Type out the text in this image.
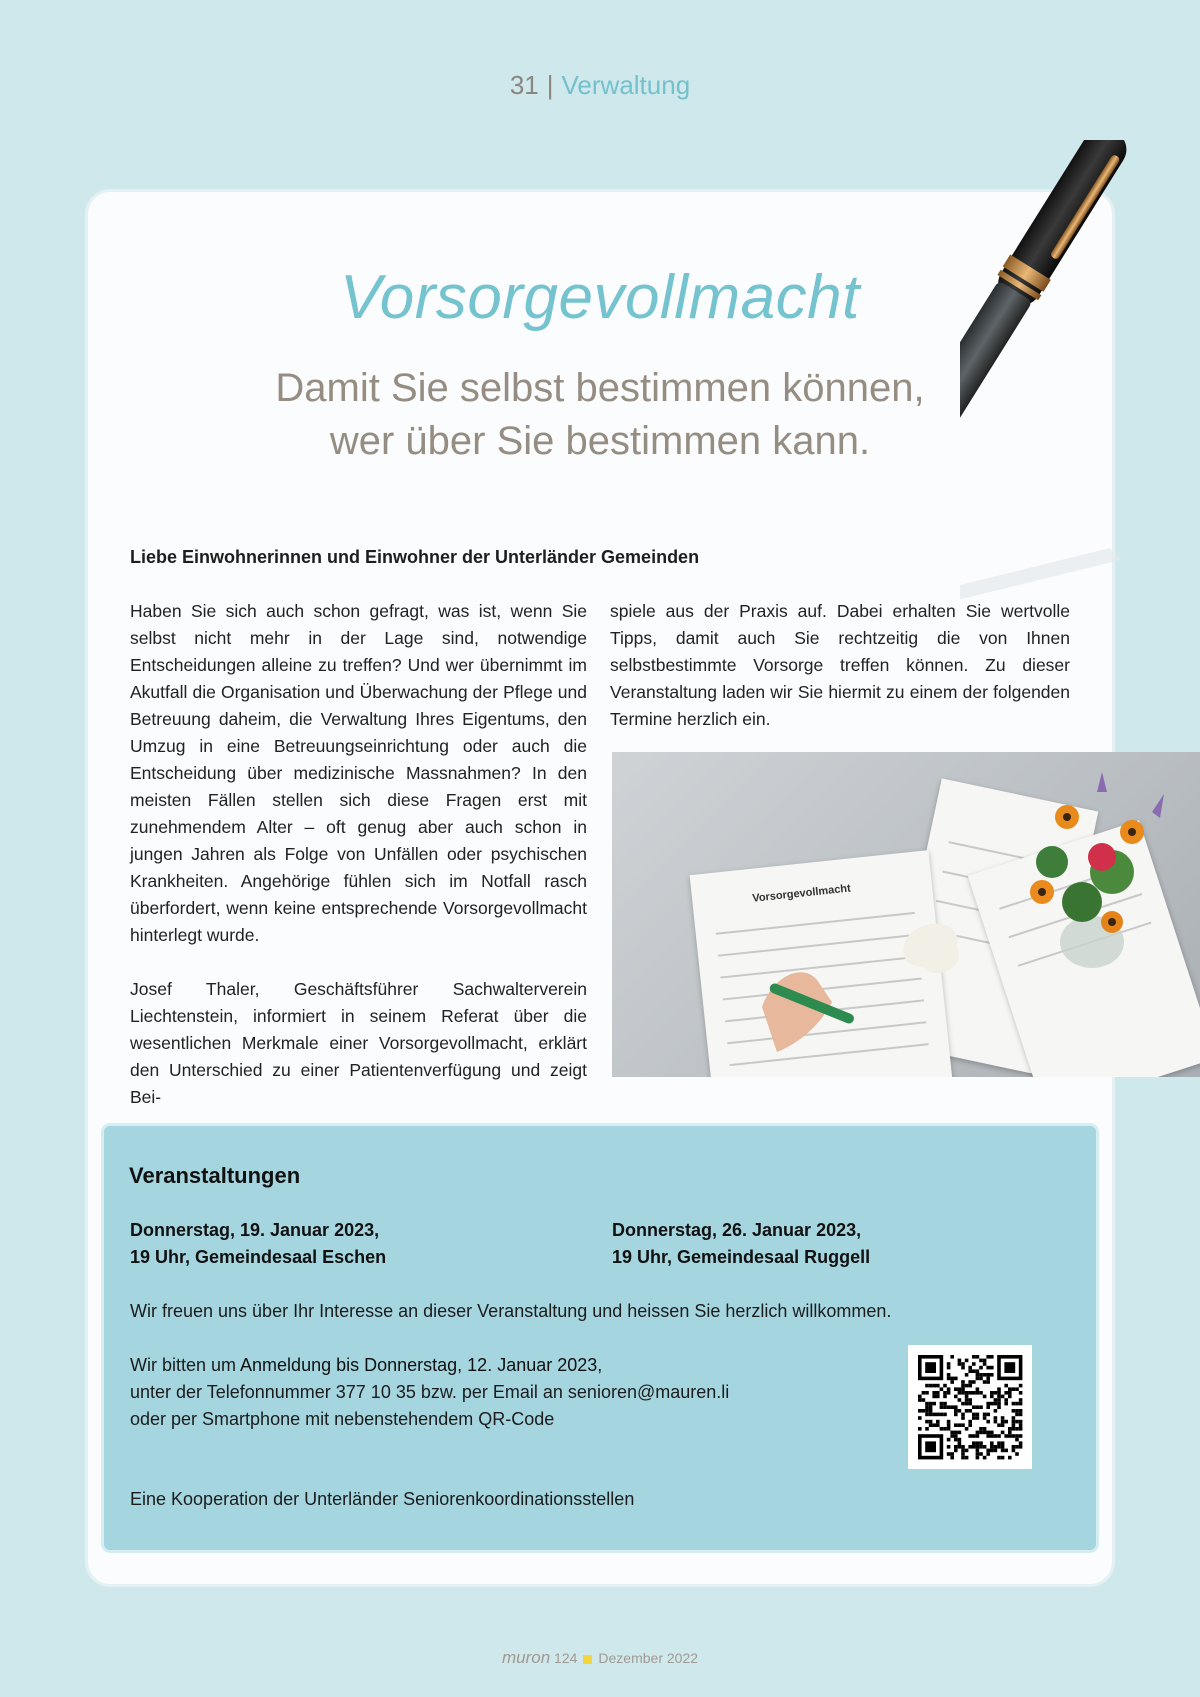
31 | Verwaltung
Vorsorgevollmacht
Damit Sie selbst bestimmen können,
wer über Sie bestimmen kann.
Liebe Einwohnerinnen und Einwohner der Unterländer Gemeinden

Haben Sie sich auch schon gefragt, was ist, wenn Sie selbst nicht mehr in der Lage sind, notwendige Entscheidungen alleine zu treffen? Und wer übernimmt im Akutfall die Organisation und Überwachung der Pflege und Betreuung daheim, die Verwaltung Ihres Eigentums, den Umzug in eine Betreuungseinrichtung oder auch die Entscheidung über medizinische Massnahmen? In den meisten Fällen stellen sich diese Fragen erst mit zunehmendem Alter – oft genug aber auch schon in jungen Jahren als Folge von Unfällen oder psychischen Krankheiten. Angehörige fühlen sich im Notfall rasch überfordert, wenn keine entsprechende Vorsorgevollmacht hinterlegt wurde.

Josef Thaler, Geschäftsführer Sachwalterverein Liechtenstein, informiert in seinem Referat über die wesentlichen Merkmale einer Vorsorgevollmacht, erklärt den Unterschied zu einer Patientenverfügung und zeigt Bei-

spiele aus der Praxis auf. Dabei erhalten Sie wertvolle Tipps, damit auch Sie rechtzeitig die von Ihnen selbstbestimmte Vorsorge treffen können. Zu dieser Veranstaltung laden wir Sie hiermit zu einem der folgenden Termine herzlich ein.

Vorsorgevollmacht
Veranstaltungen
Donnerstag, 19. Januar 2023,
19 Uhr, Gemeindesaal Eschen
Donnerstag, 26. Januar 2023,
19 Uhr, Gemeindesaal Ruggell
Wir freuen uns über Ihr Interesse an dieser Veranstaltung und heissen Sie herzlich willkommen.
Wir bitten um Anmeldung bis Donnerstag, 12. Januar 2023,
unter der Telefonnummer 377 10 35 bzw. per Email an senioren@mauren.li
oder per Smartphone mit nebenstehendem QR-Code
Eine Kooperation der Unterländer Seniorenkoordinationsstellen
muron 124 Dezember 2022
